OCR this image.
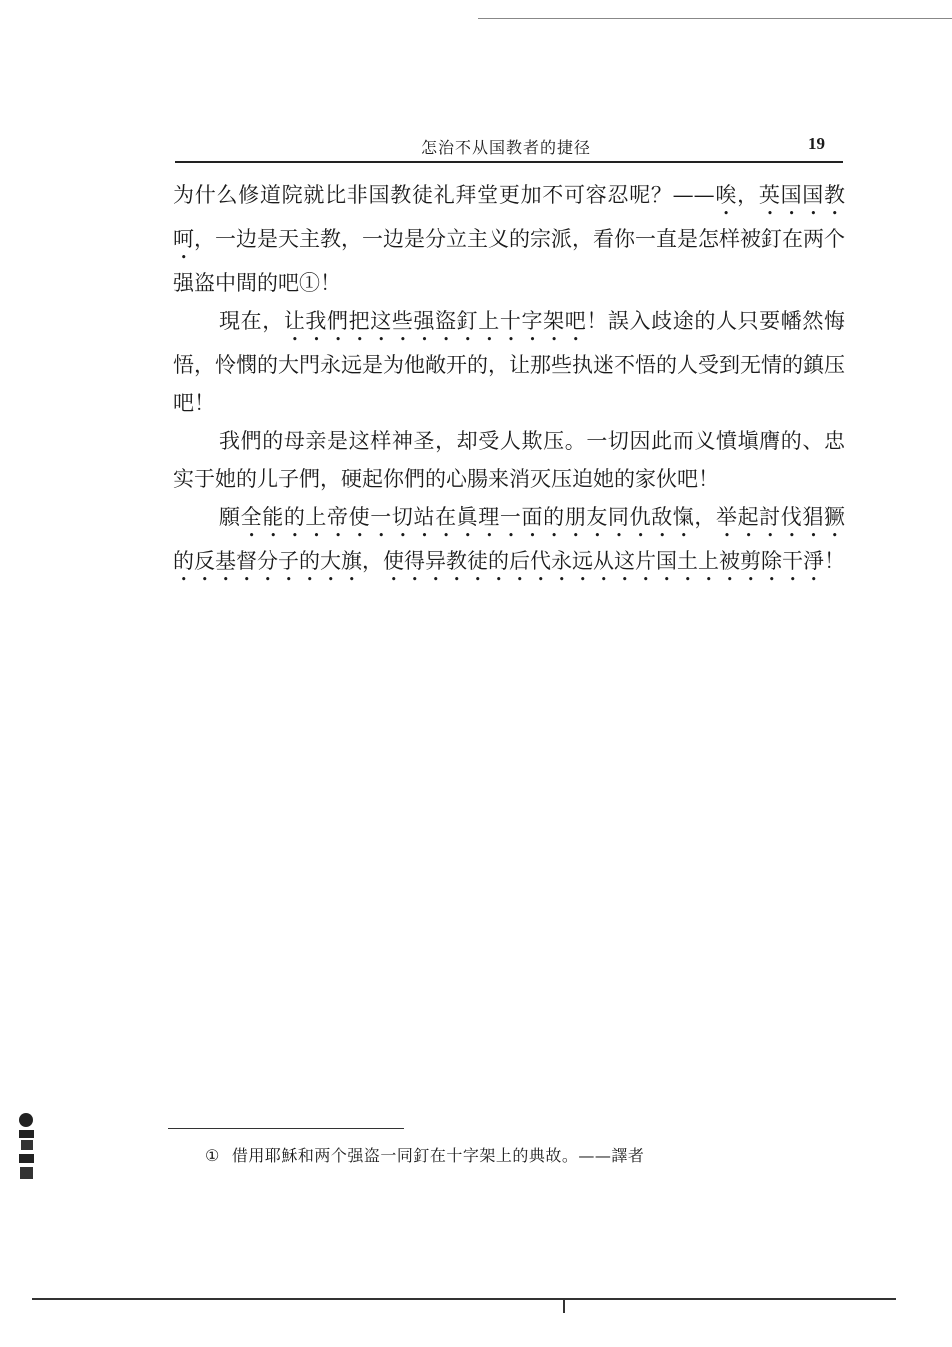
怎治不从国教者的捷径	19

为什么修道院就比非国教徒礼拜堂更加不可容忍呢？——唉，英国国教呵，一边是天主教，一边是分立主义的宗派，看你一直是怎样被釘在两个强盗中間的吧①！

現在，让我們把这些强盜釘上十字架吧！誤入歧途的人只要幡然悔悟，怜憫的大門永远是为他敞开的，让那些执迷不悟的人受到无情的鎮压吧！

我們的母亲是这样神圣，却受人欺压。一切因此而义憤塡膺的、忠实于她的儿子們，硬起你們的心腸来消灭压迫她的家伙吧！

願全能的上帝使一切站在眞理一面的朋友同仇敌愾，举起討伐猖獗的反基督分子的大旗，使得异教徒的后代永远从这片国土上被剪除干淨！

① 借用耶穌和两个强盗一同釘在十字架上的典故。——譯者
